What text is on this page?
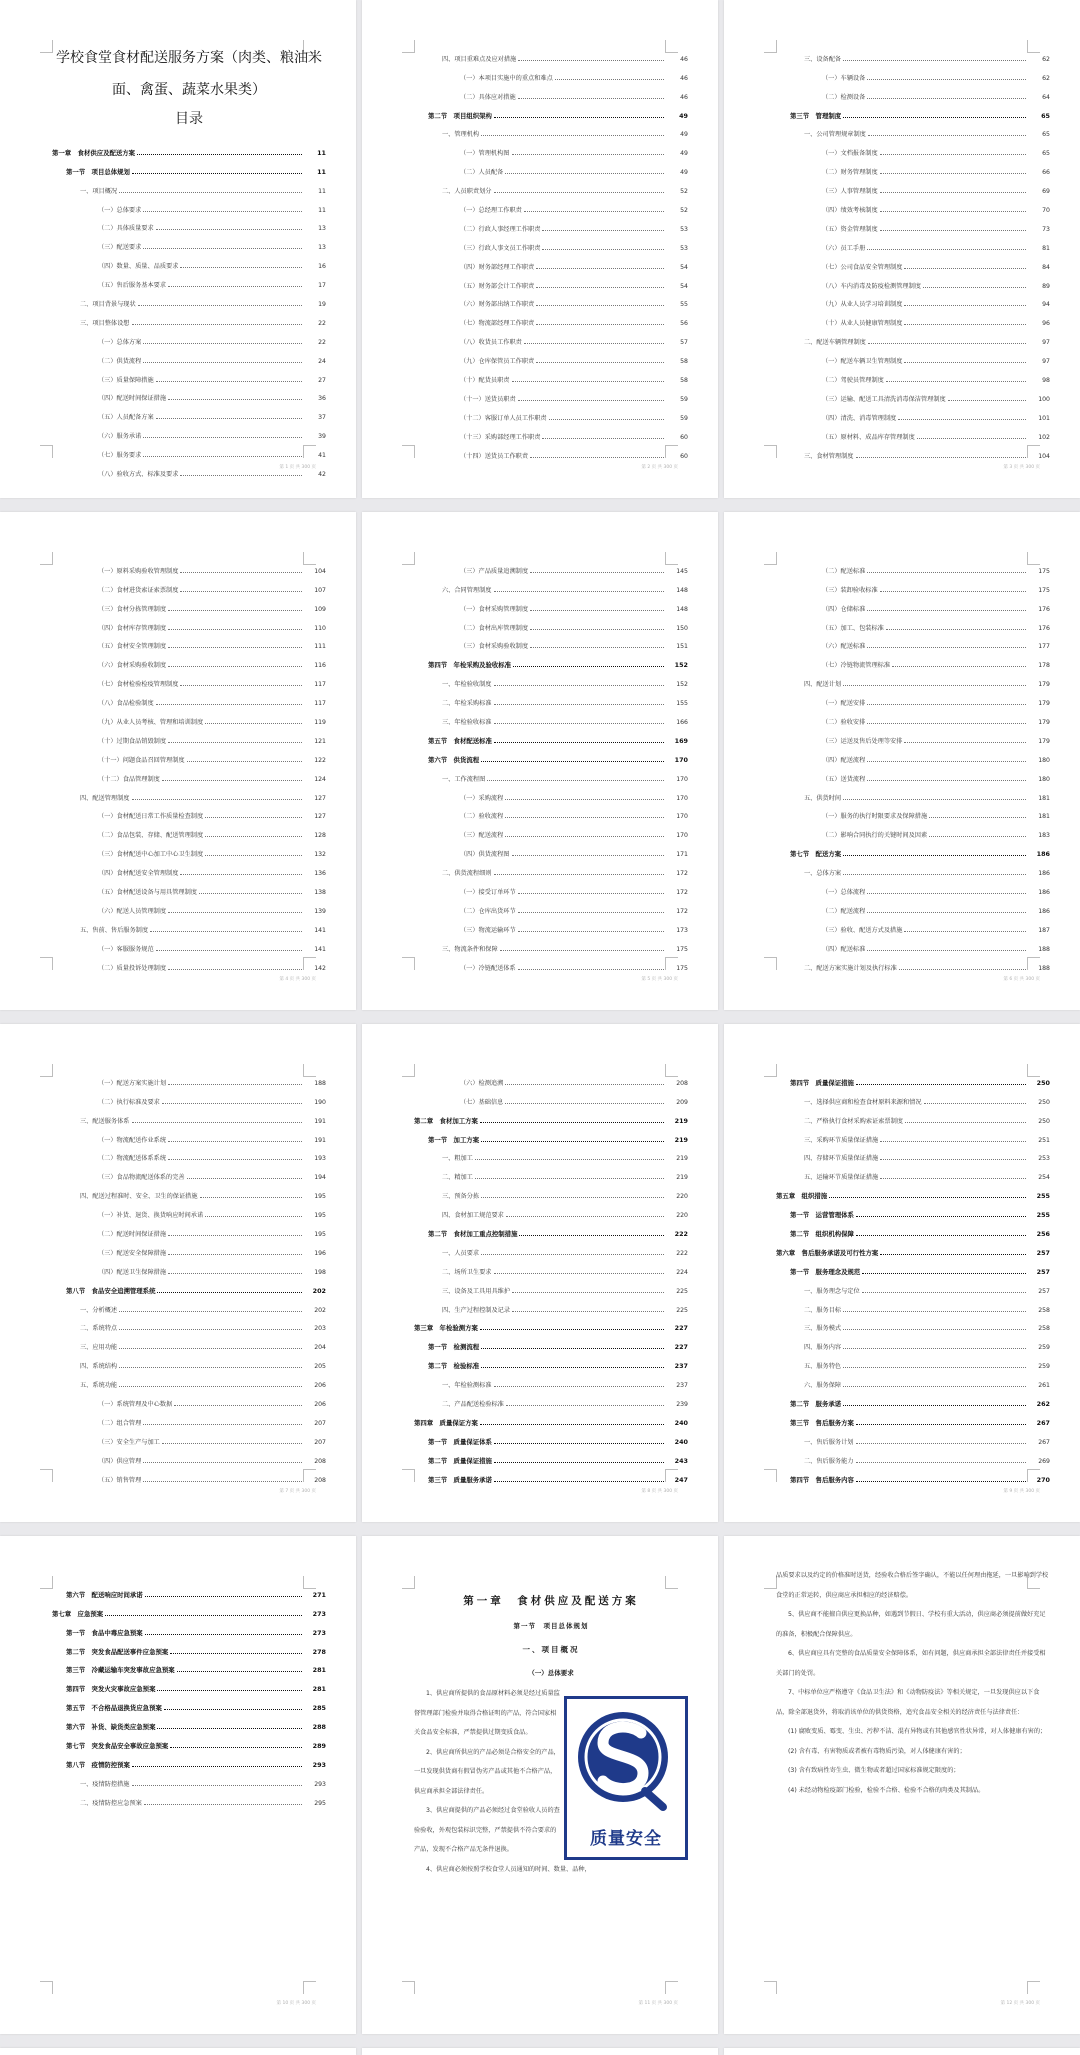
学校食堂食材配送服务方案（肉类、粮油米
面、禽蛋、蔬菜水果类）
目录
第一章　食材供应及配送方案	11
第一节　项目总体规划	11
一、项目概况	11
（一）总体要求	11
（二）具体质量要求	13
（三）配送要求	13
（四）数量、质量、品质要求	16
（五）售后服务基本要求	17
二、项目背景与现状	19
三、项目整体设想	22
（一）总体方案	22
（二）供货流程	24
（三）质量保障措施	27
（四）配送时间保证措施	36
（五）人员配备方案	37
（六）服务承诺	39
（七）服务要求	41
（八）验收方式、标准及要求	42
第 1 页 共 300 页
四、项目重难点及应对措施	46
（一）本项目实施中的重点和难点	46
（二）具体应对措施	46
第二节　项目组织架构	49
一、管理机构	49
（一）管理机构图	49
（二）人员配备	49
二、人员职责划分	52
（一）总经理工作职责	52
（二）行政人事经理工作职责	53
（三）行政人事文员工作职责	53
（四）财务部经理工作职责	54
（五）财务部会计工作职责	54
（六）财务部出纳工作职责	55
（七）物流部经理工作职责	56
（八）收货员工作职责	57
（九）仓库保管员工作职责	58
（十）配货员职责	58
（十一）送货员职责	59
（十二）客服订单人员工作职责	59
（十三）采购部经理工作职责	60
（十四）送货员工作职责	60
第 2 页 共 300 页
三、设备配备	62
（一）车辆设备	62
（二）检测设备	64
第三节　管理制度	65
一、公司管理规章制度	65
（一）文档报备制度	65
（二）财务管理制度	66
（三）人事管理制度	69
（四）绩效考核制度	70
（五）资金管理制度	73
（六）员工手册	81
（七）公司食品安全管理制度	84
（八）车内消毒及防疫检测管理制度	89
（九）从业人员学习培训制度	94
（十）从业人员健康管理制度	96
二、配送车辆管理制度	97
（一）配送车辆卫生管理制度	97
（二）驾驶员管理制度	98
（三）运输、配送工具清洗消毒保洁管理制度	100
（四）清洗、消毒管理制度	101
（五）原材料、成品库存管理制度	102
三、食材管理制度	104
第 3 页 共 300 页
（一）原料采购验收管理制度	104
（二）食材进货索证索票制度	107
（三）食材分拣管理制度	109
（四）食材库存管理制度	110
（五）食材安全管理制度	111
（六）食材采购验收制度	116
（七）食材检验检疫管理制度	117
（八）食品检验制度	117
（九）从业人员考核、管理和培训制度	119
（十）过期食品销毁制度	121
（十一）问题食品召回管理制度	122
（十二）食品管理制度	124
四、配送管理制度	127
（一）食材配送日常工作质量检查制度	127
（二）食品包装、存储、配送管理制度	128
（三）食材配送中心加工中心卫生制度	132
（四）食材配送安全管理制度	136
（五）食材配送设备与用具管理制度	138
（六）配送人员管理制度	139
五、售前、售后服务制度	141
（一）客服服务规范	141
（二）质量投诉处理制度	142
第 4 页 共 300 页
（三）产品质量追溯制度	145
六、合同管理制度	148
（一）食材采购管理制度	148
（二）食材出库管理制度	150
（三）食材采购验收制度	151
第四节　年检采购及验收标准	152
一、年检验收制度	152
二、年检采购标准	155
三、年检验收标准	166
第五节　食材配送标准	169
第六节　供货流程	170
一、工作流程图	170
（一）采购流程	170
（二）验收流程	170
（三）配送流程	170
（四）供货流程图	171
二、供货流程细则	172
（一）接受订单环节	172
（二）仓库出货环节	172
（三）物流运输环节	173
三、物流条件和保障	175
（一）冷链配送体系	175
第 5 页 共 300 页
（二）配送标准	175
（三）装卸验收标准	175
（四）仓储标准	176
（五）加工、包装标准	176
（六）配送标准	177
（七）冷链物流管理标准	178
四、配送计划	179
（一）配送安排	179
（二）验收安排	179
（三）运送及售后处理等安排	179
（四）配送流程	180
（五）送货流程	180
五、供货时间	181
（一）服务的执行时限要求及保障措施	181
（二）影响合同执行的关键时间及因素	183
第七节　配送方案	186
一、总体方案	186
（一）总体流程	186
（二）配送流程	186
（三）验收、配送方式及措施	187
（四）配送标准	188
二、配送方案实施计划及执行标准	188
第 6 页 共 300 页
（一）配送方案实施计划	188
（二）执行标准及要求	190
三、配送服务体系	191
（一）物流配送作业系统	191
（二）物流配送体系系统	193
（三）食品物流配送体系的完善	194
四、配送过程准时、安全、卫生的保证措施	195
（一）补货、退货、换货响应时间承诺	195
（二）配送时间保证措施	195
（三）配送安全保障措施	196
（四）配送卫生保障措施	198
第八节　食品安全追溯管理系统	202
一、分析概述	202
二、系统特点	203
三、应用功能	204
四、系统结构	205
五、系统功能	206
（一）系统管理及中心数据	206
（二）组合管理	207
（三）安全生产与加工	207
（四）供应管理	208
（五）销售管理	208
第 7 页 共 300 页
（六）检测追溯	208
（七）基础信息	209
第二章　食材加工方案	219
第一节　加工方案	219
一、粗加工	219
二、精加工	219
三、预备分拣	220
四、食材加工规范要求	220
第二节　食材加工重点控制措施	222
一、人员要求	222
二、场所卫生要求	224
三、设备及工具用具维护	225
四、生产过程控制及记录	225
第三章　年检验测方案	227
第一节　检测流程	227
第二节　检验标准	237
一、年检验测标准	237
二、产品配送检验标准	239
第四章　质量保证方案	240
第一节　质量保证体系	240
第二节　质量保证措施	243
第三节　质量服务承诺	247
第 8 页 共 300 页
第四节　质量保证措施	250
一、选择供应商和检查食材原料来源和情况	250
二、严格执行食材采购索证索票制度	250
三、采购环节质量保证措施	251
四、存储环节质量保证措施	253
五、运输环节质量保证措施	254
第五章　组织措施	255
第一节　运营管理体系	255
第二节　组织机构保障	256
第六章　售后服务承诺及可行性方案	257
第一节　服务理念及规范	257
一、服务理念与定位	257
二、服务目标	258
三、服务模式	258
四、服务内容	259
五、服务特色	259
六、服务保障	261
第二节　服务承诺	262
第三节　售后服务方案	267
一、售后服务计划	267
二、售后服务能力	269
第四节　售后服务内容	270
第 9 页 共 300 页
第六节　配送响应时间承诺	271
第七章　应急预案	273
第一节　食品中毒应急预案	273
第二节　突发食品配送事件应急预案	278
第三节　冷藏运输车突发事故应急预案	281
第四节　突发火灾事故应急预案	281
第五节　不合格品退换货应急预案	285
第六节　补货、缺货类应急预案	288
第七节　突发食品安全事故应急预案	289
第八节　疫情防控预案	293
一、疫情防控措施	293
二、疫情防控应急预案	295
第 10 页 共 300 页
第一章　食材供应及配送方案
第一节　项目总体规划
一、项目概况
（一）总体要求
质量安全

1、供应商所提供的食品原材料必须是经过质量监督管理部门检验并取得合格证明的产品，符合国家相关食品安全标准，严禁提供过期变质食品。

2、供应商所供应的产品必须是合格安全的产品，一旦发现供货商有假冒伪劣产品或其他不合格产品，供应商承担全部法律责任。

3、供应商提供的产品必须经过食堂验收人员的查验验收，外观包装标识完整，严禁提供不符合要求的产品，发现不合格产品无条件退换。

4、供应商必须按照学校食堂人员通知的时间、数量、品种，

第 11 页 共 300 页

品质要求以及约定的价格准时送货，经验收合格后签字确认，不能以任何理由拖延，一旦影响到学校食堂的正常运转，供应商应承担相应的经济赔偿。

5、供应商不能擅自供应更换品种，如遇到节假日、学校有重大活动，供应商必须提前做好充足的准备，积极配合保障供应。

6、供应商应具有完整的食品质量安全保障体系，如有问题，供应商承担全部法律责任并接受相关部门的处罚。

7、中标单位应严格遵守《食品卫生法》和《动物防疫法》等相关规定，一旦发现供应以下食品，除全部退货外，将取消该单位的供货资格，追究食品安全相关的经济责任与法律责任：

(1) 腐败变质、霉变、生虫、污秽不洁、混有异物或有其他感官性状异常，对人体健康有害的；

(2) 含有毒、有害物质或者被有毒物质污染，对人体健康有害的；

(3) 含有致病性寄生虫、微生物或者超过国家标准规定限度的；

(4) 未经动物检疫部门检验，检验不合格、检验不合格的肉类及其制品。

第 12 页 共 300 页
